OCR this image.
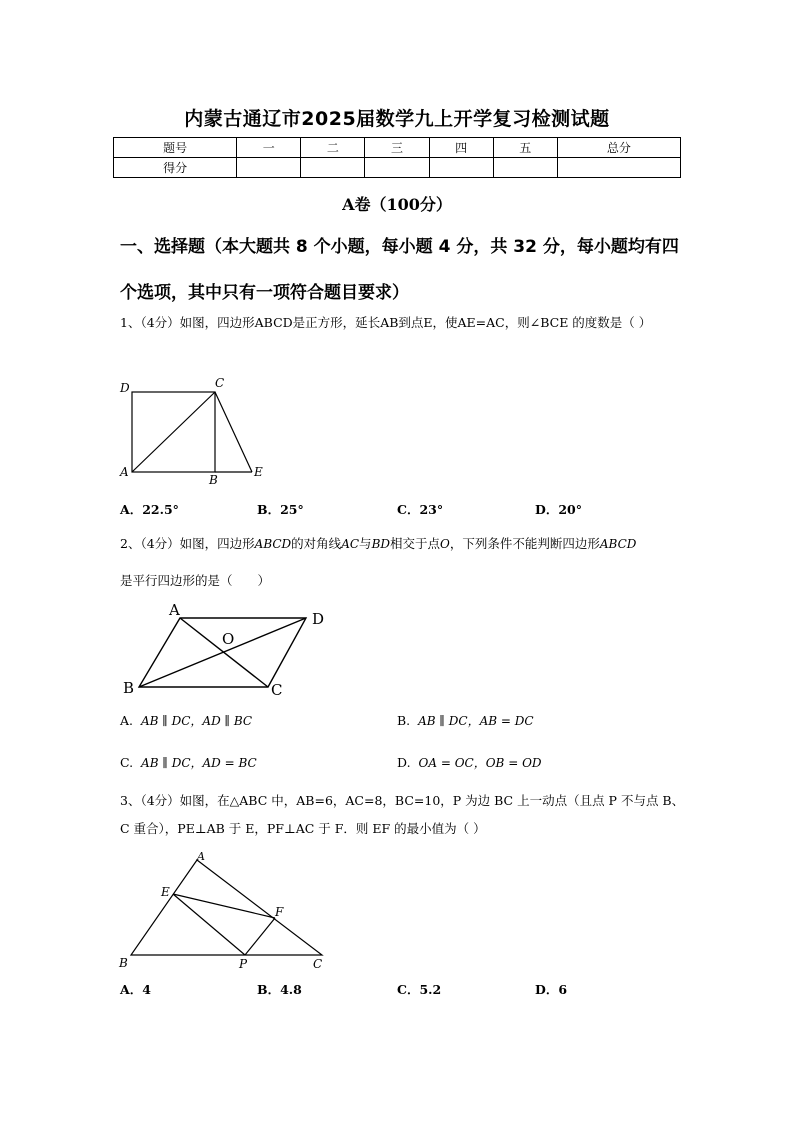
内蒙古通辽市2025届数学九上开学复习检测试题
题号	一	二	三	四	五	总分
得分						
A卷（100分）
一、选择题（本大题共 8 个小题，每小题 4 分，共 32 分，每小题均有四个选项，其中只有一项符合题目要求）
1、（4分）如图，四边形ABCD是正方形，延长AB到点E，使AE=AC，则∠BCE 的度数是（ ）
D	C
A
B
E
A．22.5°	B．25°	C．23°	D．20°
2、（4分）如图，四边形ABCD的对角线AC与BD相交于点O，下列条件不能判断四边形ABCD
是平行四边形的是（　　）
A	D
O
B	C
A. AB ∥ DC，AD ∥ BC	B. AB ∥ DC，AB = DC
C. AB ∥ DC，AD = BC	D. OA = OC，OB = OD
3、（4分）如图，在△ABC 中，AB=6，AC=8，BC=10，P 为边 BC 上一动点（且点 P 不与点 B、C 重合），PE⊥AB 于 E，PF⊥AC 于 F．则 EF 的最小值为（ ）
A
E
F
B	P	C
A．4	B．4.8	C．5.2	D．6
